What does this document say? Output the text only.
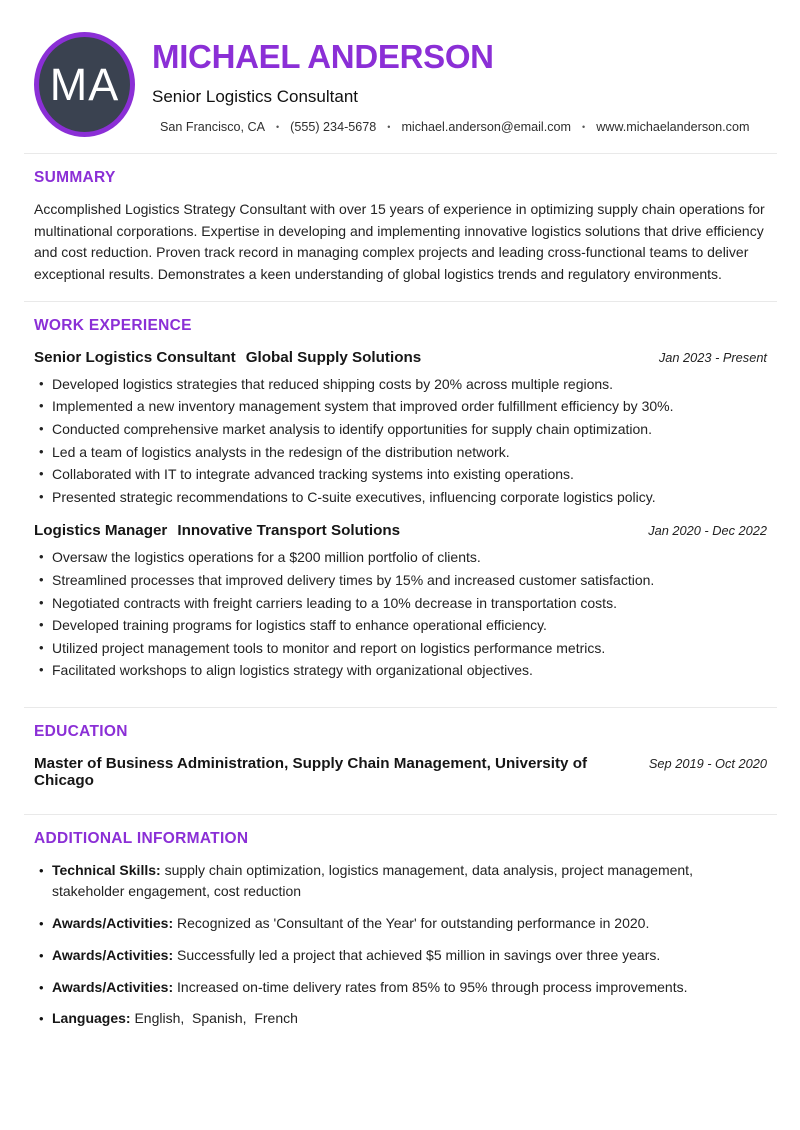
MA
MICHAEL ANDERSON
Senior Logistics Consultant
San Francisco, CA • (555) 234-5678 • michael.anderson@email.com • www.michaelanderson.com
SUMMARY

Accomplished Logistics Strategy Consultant with over 15 years of experience in optimizing supply chain operations for multinational corporations. Expertise in developing and implementing innovative logistics solutions that drive efficiency and cost reduction. Proven track record in managing complex projects and leading cross-functional teams to deliver exceptional results. Demonstrates a keen understanding of global logistics trends and regulatory environments.

WORK EXPERIENCE
Senior Logistics Consultant Global Supply Solutions	Jan 2023 - Present
• Developed logistics strategies that reduced shipping costs by 20% across multiple regions.
• Implemented a new inventory management system that improved order fulfillment efficiency by 30%.
• Conducted comprehensive market analysis to identify opportunities for supply chain optimization.
• Led a team of logistics analysts in the redesign of the distribution network.
• Collaborated with IT to integrate advanced tracking systems into existing operations.
• Presented strategic recommendations to C-suite executives, influencing corporate logistics policy.
Logistics Manager Innovative Transport Solutions	Jan 2020 - Dec 2022
• Oversaw the logistics operations for a $200 million portfolio of clients.
• Streamlined processes that improved delivery times by 15% and increased customer satisfaction.
• Negotiated contracts with freight carriers leading to a 10% decrease in transportation costs.
• Developed training programs for logistics staff to enhance operational efficiency.
• Utilized project management tools to monitor and report on logistics performance metrics.
• Facilitated workshops to align logistics strategy with organizational objectives.
EDUCATION
Master of Business Administration, Supply Chain Management, University of Chicago
Sep 2019 - Oct 2020
ADDITIONAL INFORMATION
• Technical Skills: supply chain optimization, logistics management, data analysis, project management, stakeholder engagement, cost reduction
• Awards/Activities: Recognized as 'Consultant of the Year' for outstanding performance in 2020.
• Awards/Activities: Successfully led a project that achieved $5 million in savings over three years.
• Awards/Activities: Increased on-time delivery rates from 85% to 95% through process improvements.
• Languages: English,  Spanish,  French
